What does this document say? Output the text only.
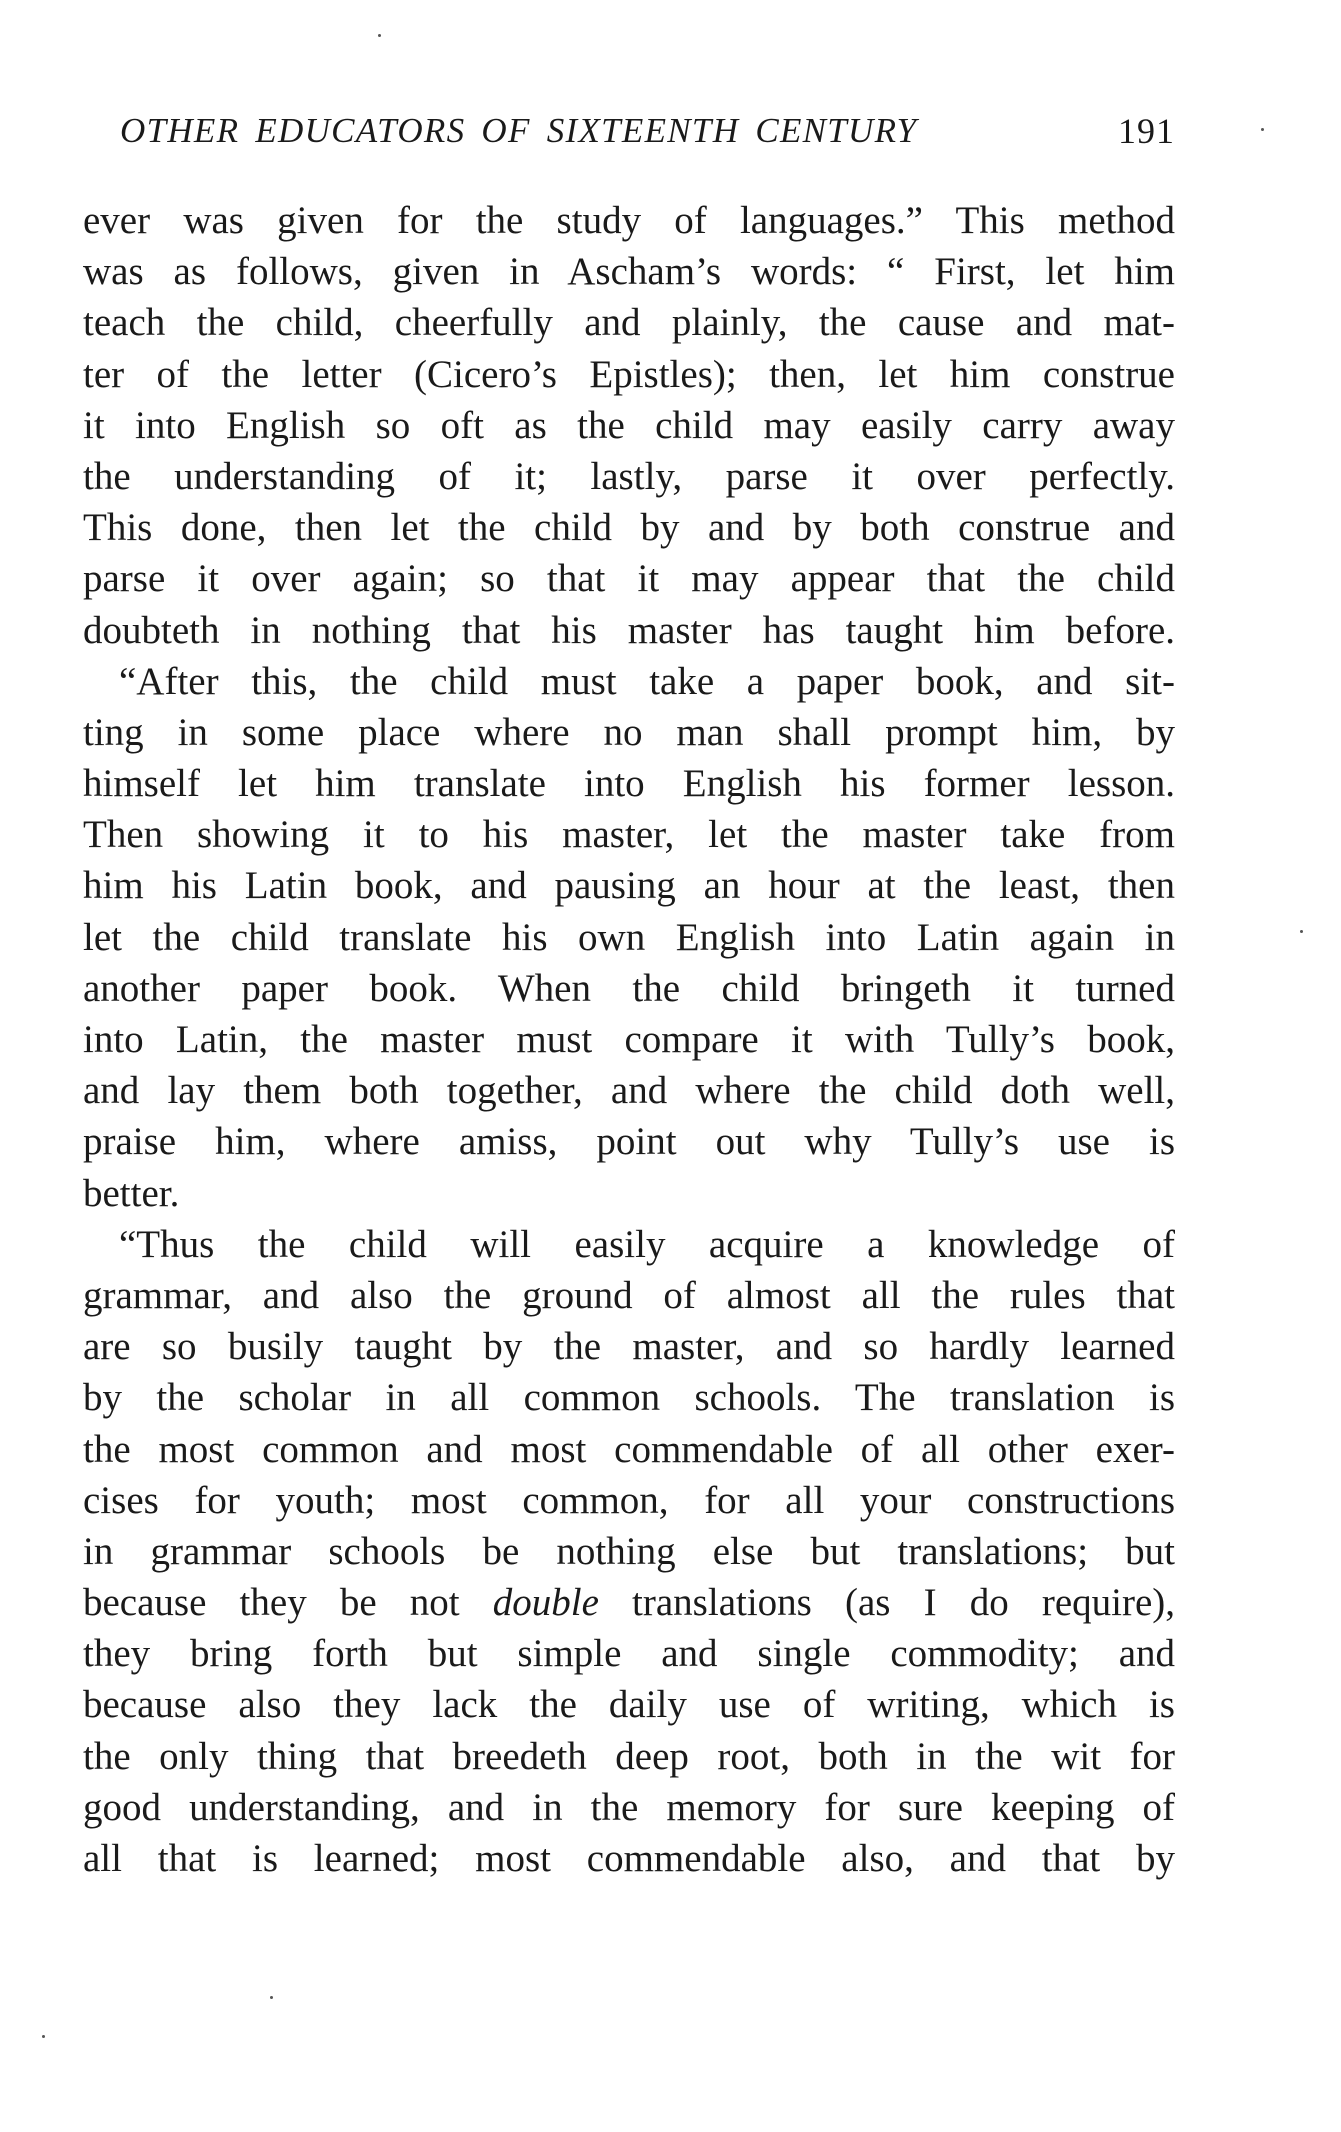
OTHER EDUCATORS OF SIXTEENTH CENTURY	191
ever was given for the study of languages.” This method
was as follows, given in Ascham’s words: “ First, let him
teach the child, cheerfully and plainly, the cause and mat-
ter of the letter (Cicero’s Epistles); then, let him construe
it into English so oft as the child may easily carry away
the understanding of it; lastly, parse it over perfectly.
This done, then let the child by and by both construe and
parse it over again; so that it may appear that the child
doubteth in nothing that his master has taught him before.
“After this, the child must take a paper book, and sit-
ting in some place where no man shall prompt him, by
himself let him translate into English his former lesson.
Then showing it to his master, let the master take from
him his Latin book, and pausing an hour at the least, then
let the child translate his own English into Latin again in
another paper book. When the child bringeth it turned
into Latin, the master must compare it with Tully’s book,
and lay them both together, and where the child doth well,
praise him, where amiss, point out why Tully’s use is
better.
“Thus the child will easily acquire a knowledge of
grammar, and also the ground of almost all the rules that
are so busily taught by the master, and so hardly learned
by the scholar in all common schools. The translation is
the most common and most commendable of all other exer-
cises for youth; most common, for all your constructions
in grammar schools be nothing else but translations; but
because they be not double translations (as I do require),
they bring forth but simple and single commodity; and
because also they lack the daily use of writing, which is
the only thing that breedeth deep root, both in the wit for
good understanding, and in the memory for sure keeping of
all that is learned; most commendable also, and that by
